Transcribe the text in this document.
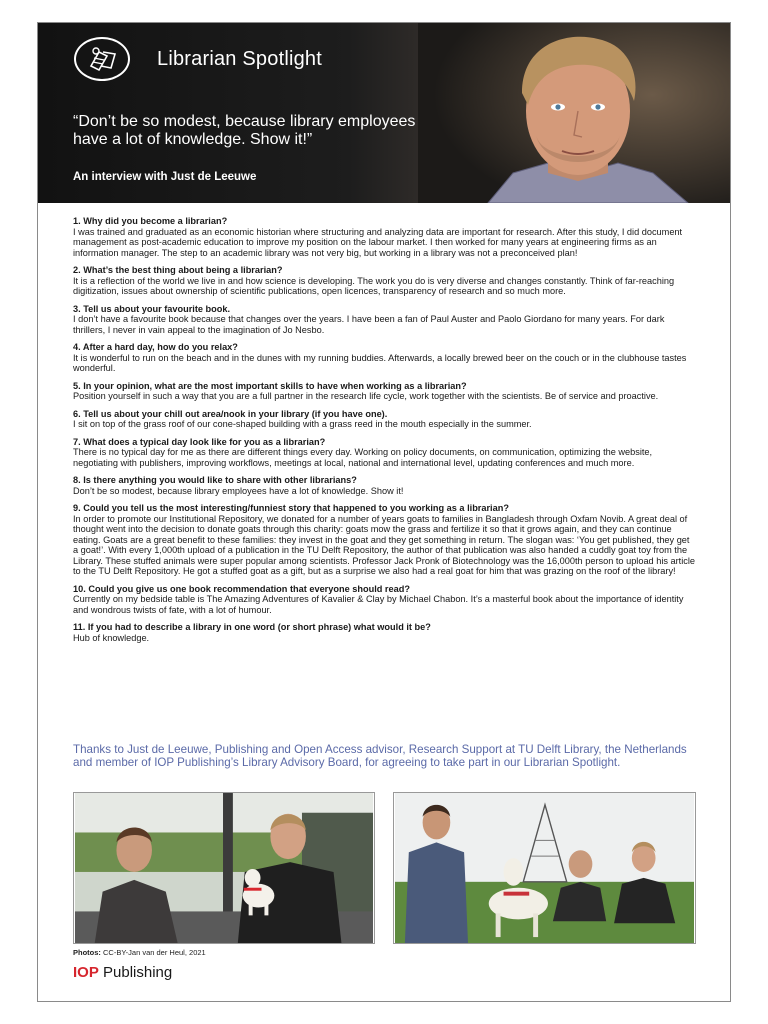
Librarian Spotlight
“Don’t be so modest, because library employees have a lot of knowledge. Show it!”
An interview with Just de Leeuwe

1. Why did you become a librarian?

I was trained and graduated as an economic historian where structuring and analyzing data are important for research. After this study, I did document management as post-academic education to improve my position on the labour market. I then worked for many years at engineering firms as an information manager. The step to an academic library was not very big, but working in a library was not a preconceived plan!

2. What’s the best thing about being a librarian?

It is a reflection of the world we live in and how science is developing. The work you do is very diverse and changes constantly. Think of far-reaching digitization, issues about ownership of scientific publications, open licences, transparency of research and so much more.

3. Tell us about your favourite book.

I don’t have a favourite book because that changes over the years. I have been a fan of Paul Auster and Paolo Giordano for many years. For dark thrillers, I never in vain appeal to the imagination of Jo Nesbo.

4. After a hard day, how do you relax?

It is wonderful to run on the beach and in the dunes with my running buddies. Afterwards, a locally brewed beer on the couch or in the clubhouse tastes wonderful.

5. In your opinion, what are the most important skills to have when working as a librarian?

Position yourself in such a way that you are a full partner in the research life cycle, work together with the scientists. Be of service and proactive.

6. Tell us about your chill out area/nook in your library (if you have one).

I sit on top of the grass roof of our cone-shaped building with a grass reed in the mouth especially in the summer.

7. What does a typical day look like for you as a librarian?

There is no typical day for me as there are different things every day. Working on policy documents, on communication, optimizing the website, negotiating with publishers, improving workflows, meetings at local, national and international level, updating conferences and much more.

8. Is there anything you would like to share with other librarians?

Don’t be so modest, because library employees have a lot of knowledge. Show it!

9. Could you tell us the most interesting/funniest story that happened to you working as a librarian?

In order to promote our Institutional Repository, we donated for a number of years goats to families in Bangladesh through Oxfam Novib. A great deal of thought went into the decision to donate goats through this charity: goats mow the grass and fertilize it so that it grows again, and they can continue eating. Goats are a great benefit to these families: they invest in the goat and they get something in return. The slogan was: ‘You get published, they get a goat!’. With every 1,000th upload of a publication in the TU Delft Repository, the author of that publication was also handed a cuddly goat toy from the Library. These stuffed animals were super popular among scientists. Professor Jack Pronk of Biotechnology was the 16,000th person to upload his article to the TU Delft Repository. He got a stuffed goat as a gift, but as a surprise we also had a real goat for him that was grazing on the roof of the library!

10. Could you give us one book recommendation that everyone should read?

Currently on my bedside table is The Amazing Adventures of Kavalier & Clay by Michael Chabon. It’s a masterful book about the importance of identity and wondrous twists of fate, with a lot of humour.

11. If you had to describe a library in one word (or short phrase) what would it be?

Hub of knowledge.

Thanks to Just de Leeuwe, Publishing and Open Access advisor, Research Support at TU Delft Library, the Netherlands and member of IOP Publishing’s Library Advisory Board, for agreeing to take part in our Librarian Spotlight.
Photos: CC-BY-Jan van der Heul, 2021
IOP Publishing
